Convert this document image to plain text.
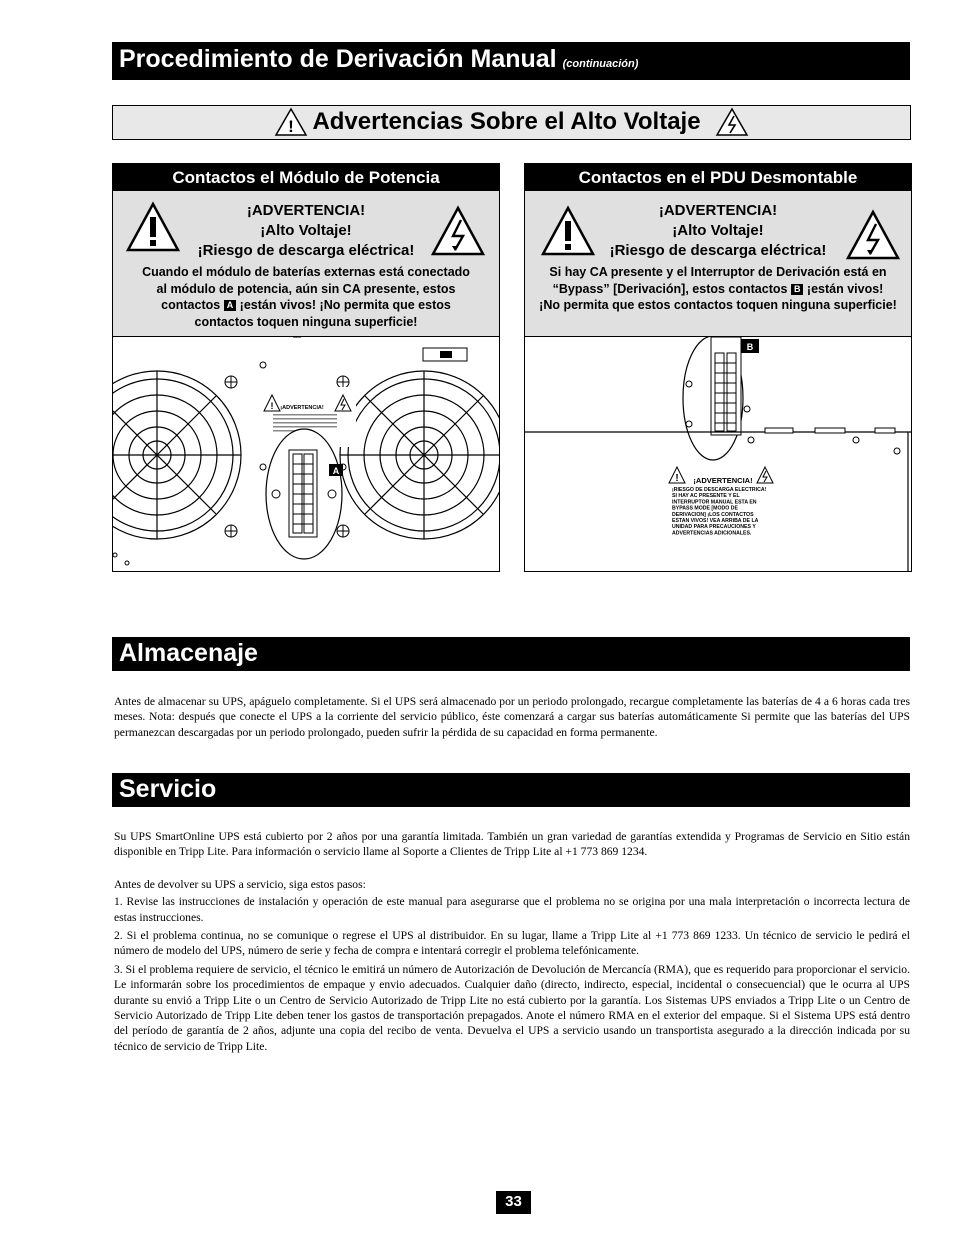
Procedimiento de Derivación Manual (continuación)
! Advertencias Sobre el Alto Voltaje
Contactos el Módulo de Potencia
¡ADVERTENCIA!
¡Alto Voltaje!
¡Riesgo de descarga eléctrica!
Cuando el módulo de baterías externas está conectado
al módulo de potencia, aún sin CA presente, estos
contactos A ¡están vivos! ¡No permita que estos
contactos toquen ninguna superficie!
! ¡ADVERTENCIA!
A
Contactos en el PDU Desmontable
¡ADVERTENCIA!
¡Alto Voltaje!
¡Riesgo de descarga eléctrica!
Si hay CA presente y el Interruptor de Derivación está en
“Bypass” [Derivación], estos contactos B ¡están vivos!
¡No permita que estos contactos toquen ninguna superficie!
B
! ¡ADVERTENCIA!
¡RIESGO DE DESCARGA ELECTRICA!
SI HAY AC PRESENTE Y EL
INTERRUPTOR MANUAL ESTA EN
BYPASS MODE [MODO DE
DERIVACION] ¡LOS CONTACTOS
ESTAN VIVOS! VEA ARRIBA DE LA
UNIDAD PARA PRECAUCIONES Y
ADVERTENCIAS ADICIONALES.
Almacenaje

Antes de almacenar su UPS, apáguelo completamente. Si el UPS será almacenado por un periodo prolongado, recargue completamente las baterías de 4 a 6 horas cada tres meses. Nota: después que conecte el UPS a la corriente del servicio público, éste comenzará a cargar sus baterías automáticamente Si permite que las baterías del UPS permanezcan descargadas por un periodo prolongado, pueden sufrir la pérdida de su capacidad en forma permanente.

Servicio

Su UPS SmartOnline UPS está cubierto por 2 años por una garantía limitada. También un gran variedad de garantías extendida y Programas de Servicio en Sitio están disponible en Tripp Lite. Para información o servicio llame al Soporte a Clientes de Tripp Lite al +1 773 869 1234.

Antes de devolver su UPS a servicio, siga estos pasos:

1. Revise las instrucciones de instalación y operación de este manual para asegurarse que el problema no se origina por una mala interpretación o incorrecta lectura de estas instrucciones.

2. Si el problema continua, no se comunique o regrese el UPS al distribuidor. En su lugar, llame a Tripp Lite al +1 773 869 1233. Un técnico de servicio le pedirá el número de modelo del UPS, número de serie y fecha de compra e intentará corregir el problema telefónicamente.

3. Si el problema requiere de servicio, el técnico le emitirá un número de Autorización de Devolución de Mercancía (RMA), que es requerido para proporcionar el servicio. Le informarán sobre los procedimientos de empaque y envio adecuados. Cualquier daño (directo, indirecto, especial, incidental o consecuencial) que le ocurra al UPS durante su envió a Tripp Lite o un Centro de Servicio Autorizado de Tripp Lite no está cubierto por la garantía. Los Sistemas UPS enviados a Tripp Lite o un Centro de Servicio Autorizado de Tripp Lite deben tener los gastos de transportación prepagados. Anote el número RMA en el exterior del empaque. Si el Sistema UPS está dentro del período de garantía de 2 años, adjunte una copia del recibo de venta. Devuelva el UPS a servicio usando un transportista asegurado a la dirección indicada por su técnico de servicio de Tripp Lite.

33
